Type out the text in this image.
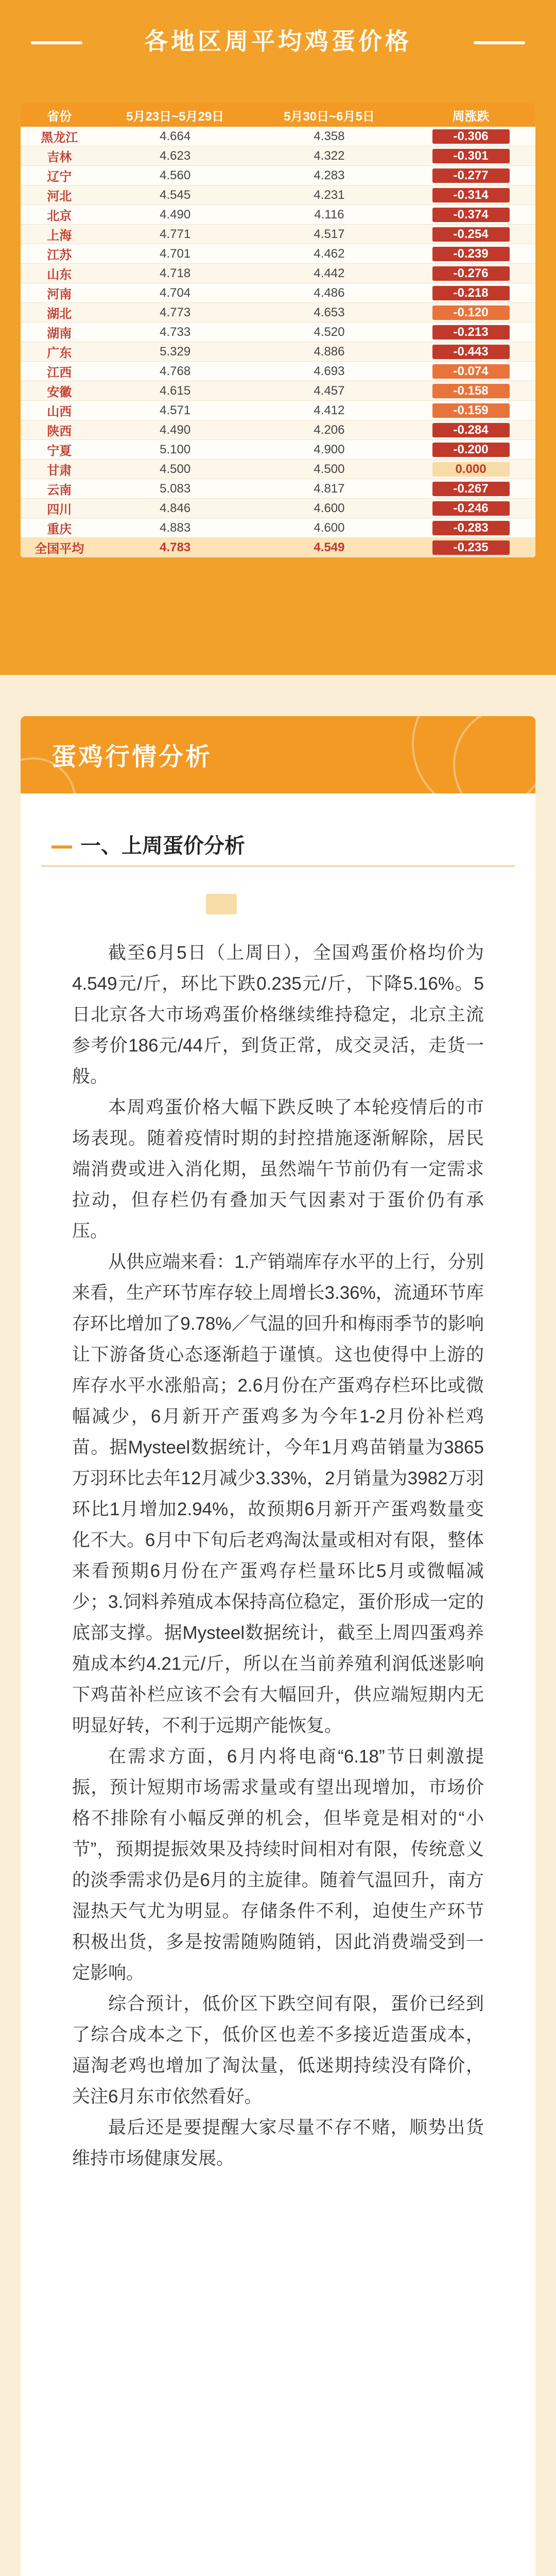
各地区周平均鸡蛋价格
省份	5月23日~5月29日	5月30日~6月5日	周涨跌
黑龙江	4.664	4.358	-0.306
吉林	4.623	4.322	-0.301
辽宁	4.560	4.283	-0.277
河北	4.545	4.231	-0.314
北京	4.490	4.116	-0.374
上海	4.771	4.517	-0.254
江苏	4.701	4.462	-0.239
山东	4.718	4.442	-0.276
河南	4.704	4.486	-0.218
湖北	4.773	4.653	-0.120
湖南	4.733	4.520	-0.213
广东	5.329	4.886	-0.443
江西	4.768	4.693	-0.074
安徽	4.615	4.457	-0.158
山西	4.571	4.412	-0.159
陕西	4.490	4.206	-0.284
宁夏	5.100	4.900	-0.200
甘肃	4.500	4.500	0.000
云南	5.083	4.817	-0.267
四川	4.846	4.600	-0.246
重庆	4.883	4.600	-0.283
全国平均	4.783	4.549	-0.235
蛋鸡行情分析
一、上周蛋价分析

截至6月5日（上周日），全国鸡蛋价格均价为4.549元/斤，环比下跌0.235元/斤，下降5.16%。5日北京各大市场鸡蛋价格继续维持稳定，北京主流参考价186元/44斤，到货正常，成交灵活，走货一般。

本周鸡蛋价格大幅下跌反映了本轮疫情后的市场表现。随着疫情时期的封控措施逐渐解除，居民端消费或进入消化期，虽然端午节前仍有一定需求拉动，但存栏仍有叠加天气因素对于蛋价仍有承压。

从供应端来看：1.产销端库存水平的上行，分别来看，生产环节库存较上周增长3.36%，流通环节库存环比增加了9.78%／气温的回升和梅雨季节的影响让下游备货心态逐渐趋于谨慎。这也使得中上游的库存水平水涨船高；2.6月份在产蛋鸡存栏环比或微幅减少，6月新开产蛋鸡多为今年1-2月份补栏鸡苗。据Mysteel数据统计，今年1月鸡苗销量为3865万羽环比去年12月减少3.33%，2月销量为3982万羽环比1月增加2.94%，故预期6月新开产蛋鸡数量变化不大。6月中下旬后老鸡淘汰量或相对有限，整体来看预期6月份在产蛋鸡存栏量环比5月或微幅减少；3.饲料养殖成本保持高位稳定，蛋价形成一定的底部支撑。据Mysteel数据统计，截至上周四蛋鸡养殖成本约4.21元/斤，所以在当前养殖利润低迷影响下鸡苗补栏应该不会有大幅回升，供应端短期内无明显好转，不利于远期产能恢复。

在需求方面，6月内将电商“6.18”节日刺激提振，预计短期市场需求量或有望出现增加，市场价格不排除有小幅反弹的机会，但毕竟是相对的“小节”，预期提振效果及持续时间相对有限，传统意义的淡季需求仍是6月的主旋律。随着气温回升，南方湿热天气尤为明显。存储条件不利，迫使生产环节积极出货，多是按需随购随销，因此消费端受到一定影响。

综合预计，低价区下跌空间有限，蛋价已经到了综合成本之下，低价区也差不多接近造蛋成本，逼淘老鸡也增加了淘汰量，低迷期持续没有降价，关注6月东市依然看好。

最后还是要提醒大家尽量不存不赌，顺势出货维持市场健康发展。
